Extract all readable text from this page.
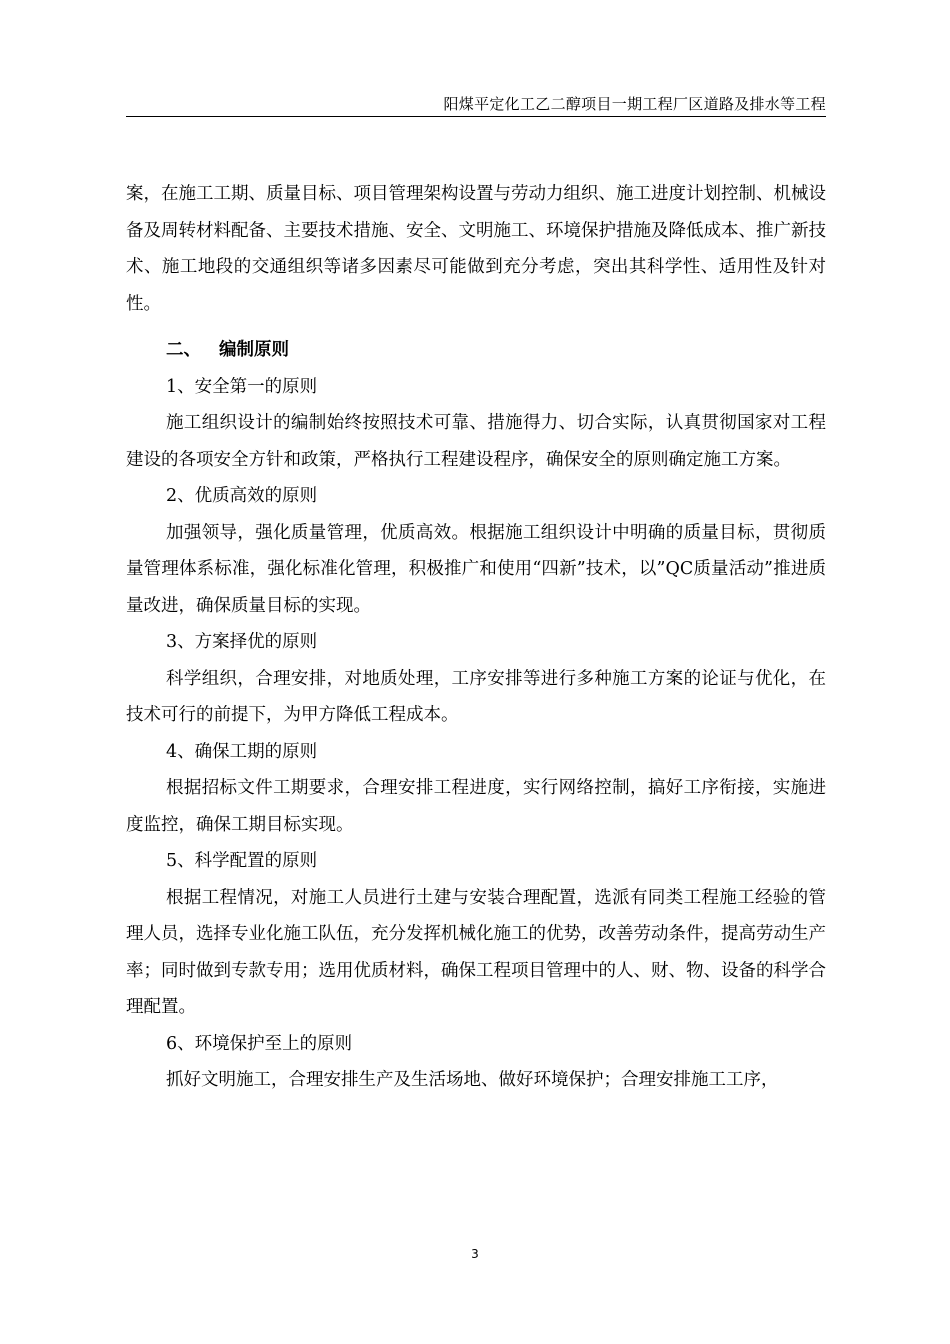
阳煤平定化工乙二醇项目一期工程厂区道路及排水等工程

案，在施工工期、质量目标、项目管理架构设置与劳动力组织、施工进度计划控制、机械设备及周转材料配备、主要技术措施、安全、文明施工、环境保护措施及降低成本、推广新技术、施工地段的交通组织等诸多因素尽可能做到充分考虑，突出其科学性、适用性及针对性。

二、 编制原则

1、安全第一的原则

施工组织设计的编制始终按照技术可靠、措施得力、切合实际，认真贯彻国家对工程建设的各项安全方针和政策，严格执行工程建设程序，确保安全的原则确定施工方案。

2、优质高效的原则

加强领导，强化质量管理，优质高效。根据施工组织设计中明确的质量目标，贯彻质量管理体系标准，强化标准化管理，积极推广和使用“四新”技术，以”QC质量活动”推进质量改进，确保质量目标的实现。

3、方案择优的原则

科学组织，合理安排，对地质处理，工序安排等进行多种施工方案的论证与优化，在技术可行的前提下，为甲方降低工程成本。

4、确保工期的原则

根据招标文件工期要求，合理安排工程进度，实行网络控制，搞好工序衔接，实施进度监控，确保工期目标实现。

5、科学配置的原则

根据工程情况，对施工人员进行土建与安装合理配置，选派有同类工程施工经验的管理人员，选择专业化施工队伍，充分发挥机械化施工的优势，改善劳动条件，提高劳动生产率；同时做到专款专用；选用优质材料，确保工程项目管理中的人、财、物、设备的科学合理配置。

6、环境保护至上的原则

抓好文明施工，合理安排生产及生活场地、做好环境保护；合理安排施工工序，

3
